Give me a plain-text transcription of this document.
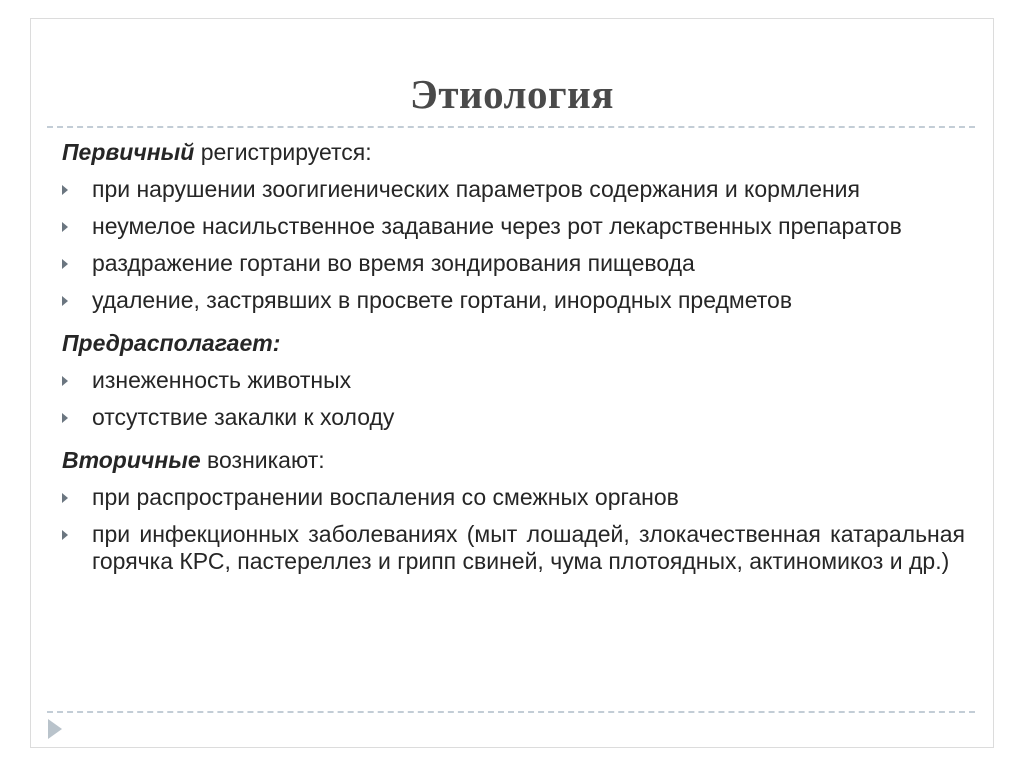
Этиология

Первичный регистрируется:

при нарушении зоогигиенических параметров содержания и кормления
неумелое насильственное задавание через рот лекарственных препаратов
раздражение гортани во время зондирования пищевода
удаление, застрявших в просвете гортани, инородных предметов

Предрасполагает:

изнеженность животных
отсутствие закалки к холоду

Вторичные возникают:

при распространении воспаления со смежных органов
при инфекционных заболеваниях (мыт лошадей, злокачественная катаральная горячка КРС, пастереллез и грипп свиней, чума плотоядных, актиномикоз и др.)
